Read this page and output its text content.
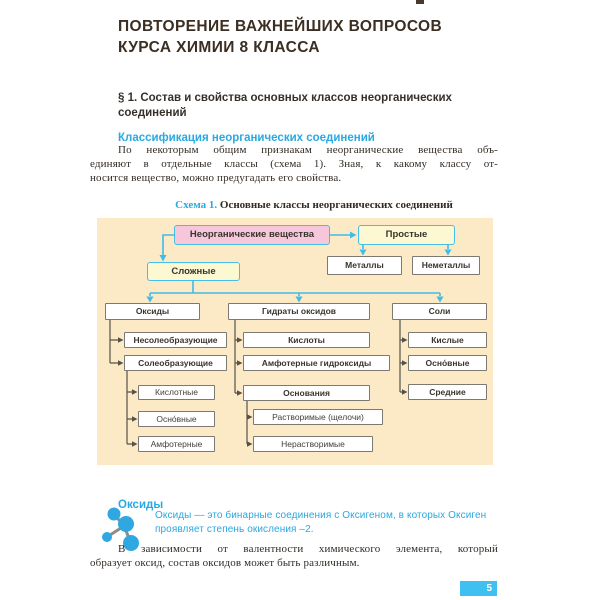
ПОВТОРЕНИЕ ВАЖНЕЙШИХ ВОПРОСОВ
КУРСА ХИМИИ 8 КЛАССА
§ 1. Состав и свойства основных классов неорганических
соединений
Классификация неорганических соединений
По некоторым общим признакам неорганические вещества объ-
единяют в отдельные классы (схема 1). Зная, к какому классу от-
носится вещество, можно предугадать его свойства.
Схема 1. Основные классы неорганических соединений
Неорганические вещества	Простые
Сложные
Металлы	Неметаллы
Оксиды	Гидраты оксидов	Соли
Несолеобразующие
Солеобразующие
Кислотные
Осно́вные
Амфотерные
Кислоты
Амфотерные гидроксиды
Основания
Растворимые (щелочи)
Нерастворимые
Кислые
Осно́вные
Средние
Оксиды
Оксиды — это бинарные соединения с Оксигеном, в которых Оксиген
проявляет степень окисления –2.
В зависимости от валентности химического элемента, который
образует оксид, состав оксидов может быть различным.
5
